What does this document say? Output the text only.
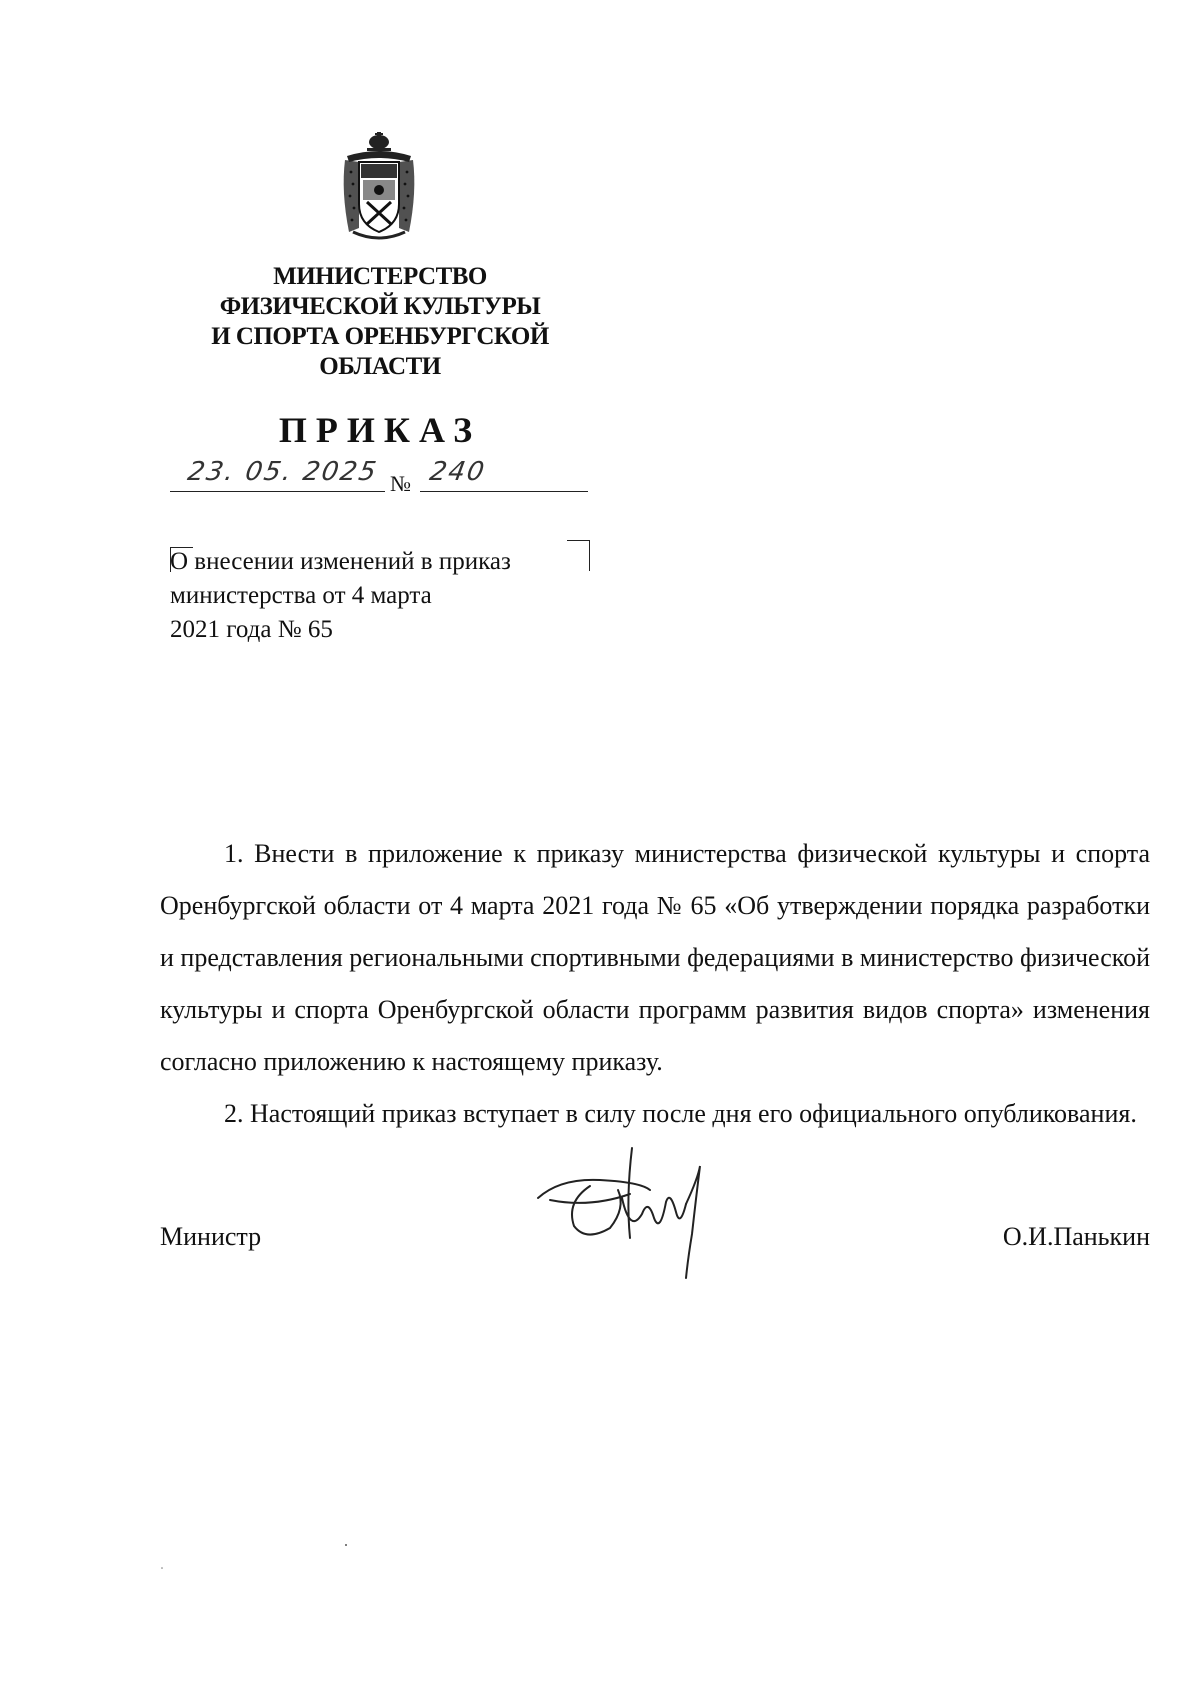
МИНИСТЕРСТВО
ФИЗИЧЕСКОЙ КУЛЬТУРЫ
И СПОРТА ОРЕНБУРГСКОЙ
ОБЛАСТИ
ПРИКАЗ
23. 05. 2025 № 240
О внесении изменений в приказ
министерства от 4 марта
2021 года № 65

1. Внести в приложение к приказу министерства физической культуры и спорта Оренбургской области от 4 марта 2021 года № 65 «Об утверждении порядка разработки и представления региональными спортивными федерациями в министерство физической культуры и спорта Оренбургской области программ развития видов спорта» изменения согласно приложению к настоящему приказу.

2. Настоящий приказ вступает в силу после дня его официального опубликования.

Министр	О.И.Панькин
